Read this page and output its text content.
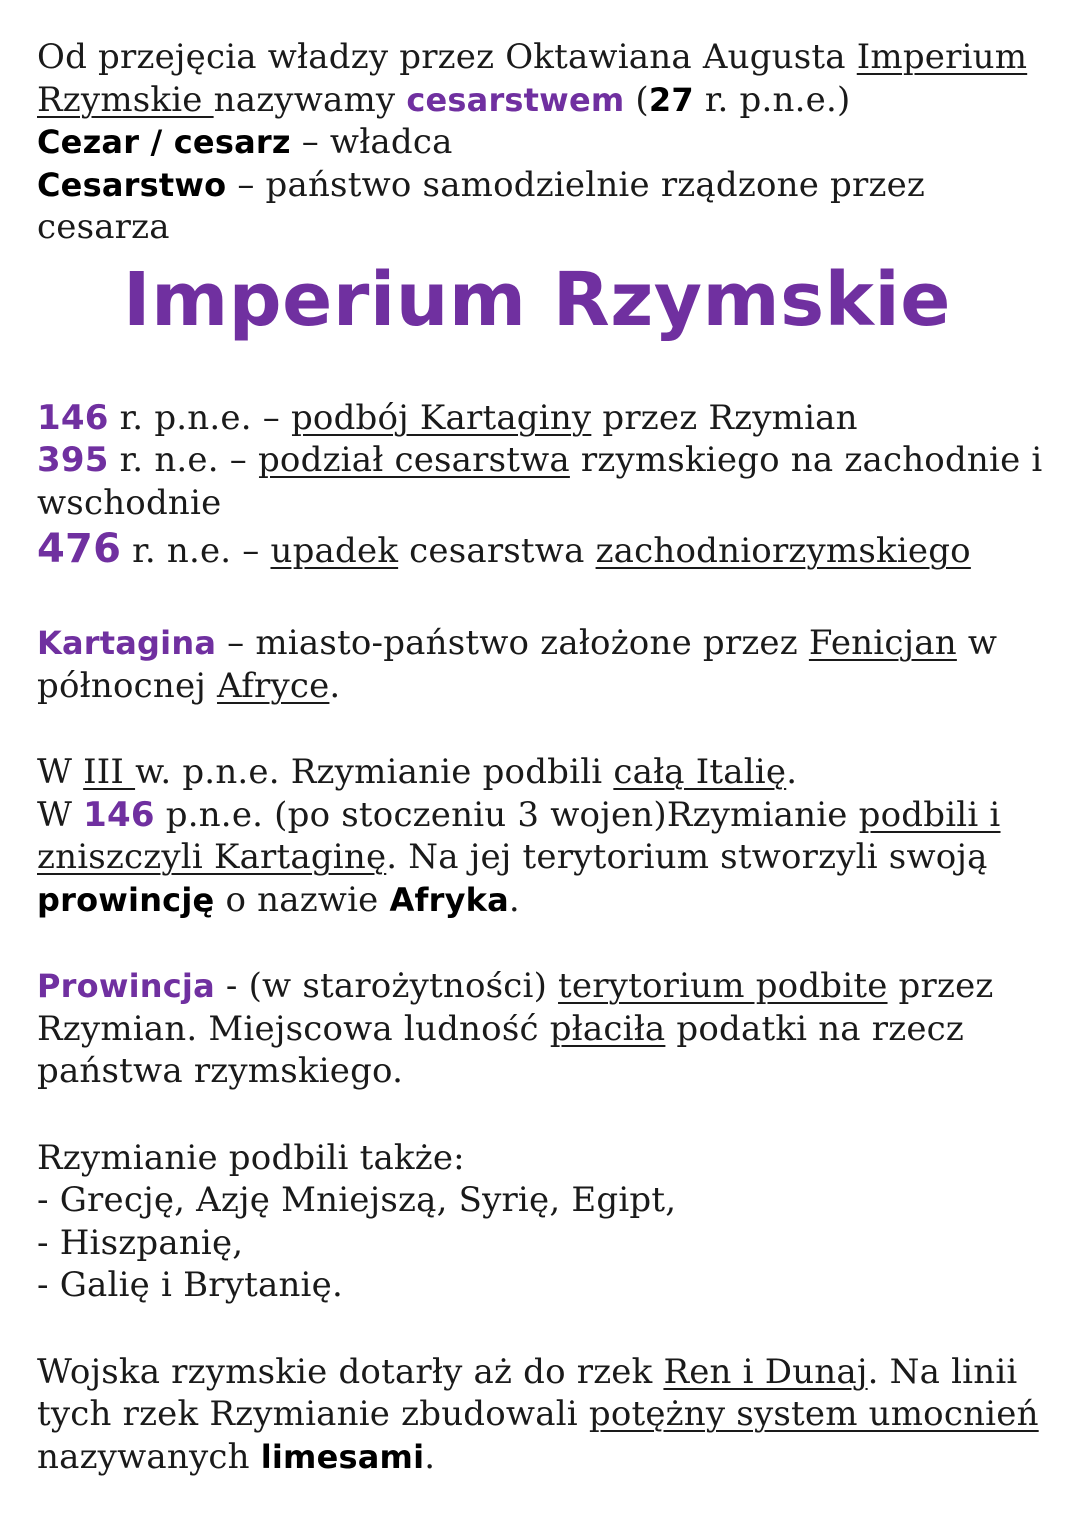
Od przejęcia władzy przez Oktawiana Augusta Imperium Rzymskie nazywamy cesarstwem (27 r. p.n.e.)

Cezar / cesarz – władca

Cesarstwo – państwo samodzielnie rządzone przez cesarza

Imperium Rzymskie

146 r. p.n.e. – podbój Kartaginy przez Rzymian

395 r. n.e. – podział cesarstwa rzymskiego na zachodnie i wschodnie

476 r. n.e. – upadek cesarstwa zachodniorzymskiego

Kartagina – miasto-państwo założone przez Fenicjan w północnej Afryce.

W III w. p.n.e. Rzymianie podbili całą Italię.

W 146 p.n.e. (po stoczeniu 3 wojen)Rzymianie podbili i zniszczyli Kartaginę. Na jej terytorium stworzyli swoją prowincję o nazwie Afryka.

Prowincja - (w starożytności) terytorium podbite przez Rzymian. Miejscowa ludność płaciła podatki na rzecz państwa rzymskiego.

Rzymianie podbili także:

- Grecję, Azję Mniejszą, Syrię, Egipt,

- Hiszpanię,

- Galię i Brytanię.

Wojska rzymskie dotarły aż do rzek Ren i Dunaj. Na linii tych rzek Rzymianie zbudowali potężny system umocnień nazywanych limesami.
